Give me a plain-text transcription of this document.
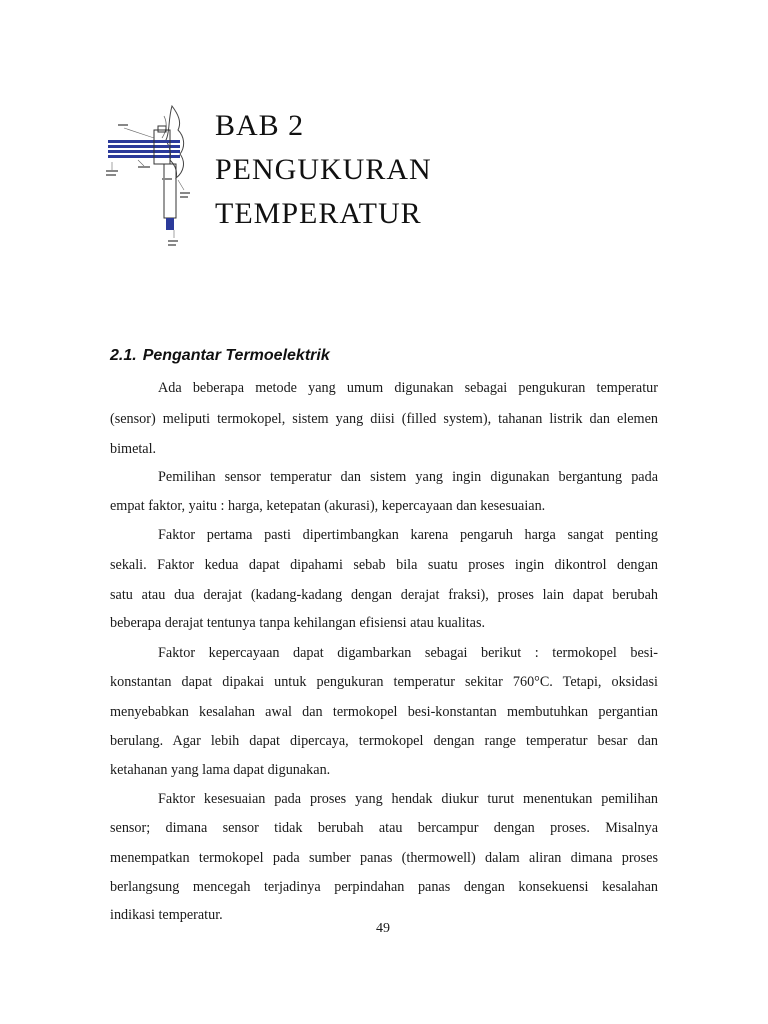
BAB 2
PENGUKURAN
TEMPERATUR
2.1. Pengantar Termoelektrik
Ada beberapa metode yang umum digunakan sebagai pengukuran temperatur
(sensor) meliputi termokopel, sistem yang diisi (filled system), tahanan listrik dan elemen
bimetal.
Pemilihan sensor temperatur dan sistem yang ingin digunakan bergantung pada
empat faktor, yaitu : harga, ketepatan (akurasi), kepercayaan dan kesesuaian.
Faktor pertama pasti dipertimbangkan karena pengaruh harga sangat penting
sekali. Faktor kedua dapat dipahami sebab bila suatu proses ingin dikontrol dengan
satu atau dua derajat (kadang-kadang dengan derajat fraksi), proses lain dapat berubah
beberapa derajat tentunya tanpa kehilangan efisiensi atau kualitas.
Faktor kepercayaan dapat digambarkan sebagai berikut : termokopel besi-
konstantan dapat dipakai untuk pengukuran temperatur sekitar 760°C. Tetapi, oksidasi
menyebabkan kesalahan awal dan termokopel besi-konstantan membutuhkan pergantian
berulang. Agar lebih dapat dipercaya, termokopel dengan range temperatur besar dan
ketahanan yang lama dapat digunakan.
Faktor kesesuaian pada proses yang hendak diukur turut menentukan pemilihan
sensor; dimana sensor tidak berubah atau bercampur dengan proses. Misalnya
menempatkan termokopel pada sumber panas (thermowell) dalam aliran dimana proses
berlangsung mencegah terjadinya perpindahan panas dengan konsekuensi kesalahan
indikasi temperatur.
49
